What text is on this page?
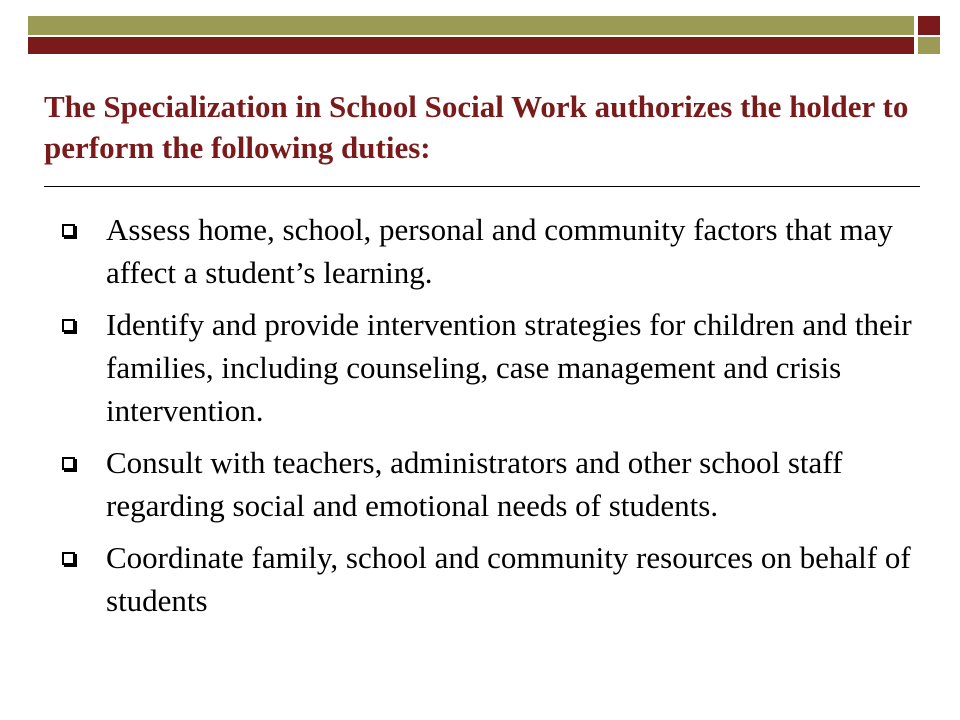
The Specialization in School Social Work authorizes the holder to perform the following duties:
Assess home, school, personal and community factors that may affect a student’s learning.
Identify and provide intervention strategies for children and their families, including counseling, case management and crisis intervention.
Consult with teachers, administrators and other school staff regarding social and emotional needs of students.
Coordinate family, school and community resources on behalf of students
